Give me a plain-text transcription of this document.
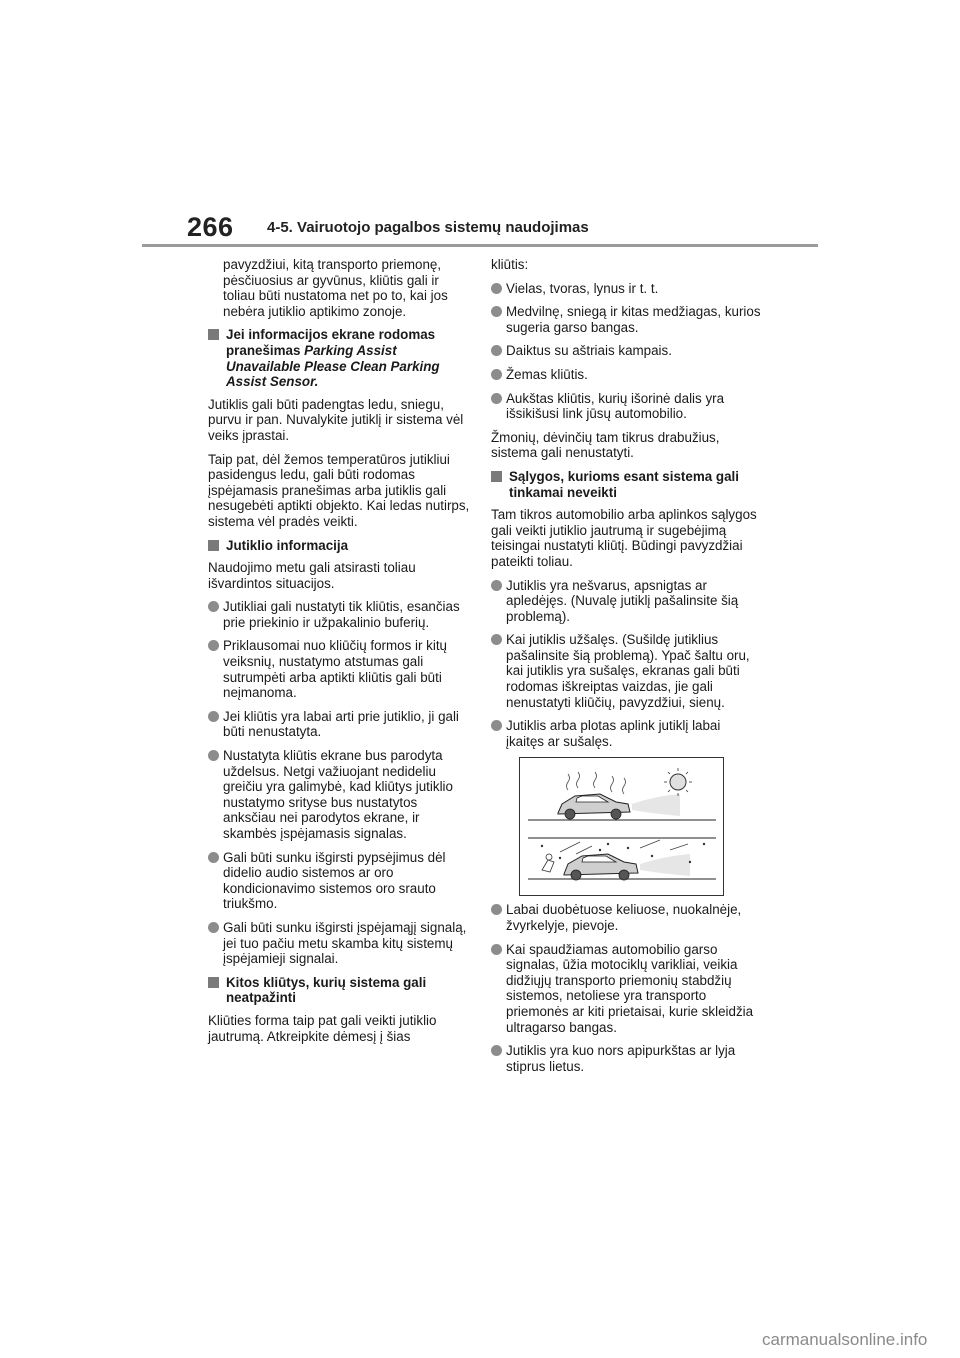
266 4-5. Vairuotojo pagalbos sistemų naudojimas

pavyzdžiui, kitą transporto priemonę, pėsčiuosius ar gyvūnus, kliūtis gali ir toliau būti nustatoma net po to, kai jos nebėra jutiklio aptikimo zonoje.

Jei informacijos ekrane rodomas pranešimas Parking Assist Unavailable Please Clean Parking Assist Sensor.

Jutiklis gali būti padengtas ledu, sniegu, purvu ir pan. Nuvalykite jutiklį ir sistema vėl veiks įprastai.

Taip pat, dėl žemos temperatūros jutikliui pasidengus ledu, gali būti rodomas įspėjamasis pranešimas arba jutiklis gali nesugebėti aptikti objekto. Kai ledas nutirps, sistema vėl pradės veikti.

Jutiklio informacija

Naudojimo metu gali atsirasti toliau išvardintos situacijos.

Jutikliai gali nustatyti tik kliūtis, esančias prie priekinio ir užpakalinio buferių.
Priklausomai nuo kliūčių formos ir kitų veiksnių, nustatymo atstumas gali sutrumpėti arba aptikti kliūtis gali būti neįmanoma.
Jei kliūtis yra labai arti prie jutiklio, ji gali būti nenustatyta.
Nustatyta kliūtis ekrane bus parodyta uždelsus. Netgi važiuojant nedideliu greičiu yra galimybė, kad kliūtys jutiklio nustatymo srityse bus nustatytos anksčiau nei parodytos ekrane, ir skambės įspėjamasis signalas.
Gali būti sunku išgirsti pypsėjimus dėl didelio audio sistemos ar oro kondicionavimo sistemos oro srauto triukšmo.
Gali būti sunku išgirsti įspėjamąjį signalą, jei tuo pačiu metu skamba kitų sistemų įspėjamieji signalai.
Kitos kliūtys, kurių sistema gali neatpažinti

Kliūties forma taip pat gali veikti jutiklio jautrumą. Atkreipkite dėmesį į šias

kliūtis:

Vielas, tvoras, lynus ir t. t.
Medvilnę, sniegą ir kitas medžiagas, kurios sugeria garso bangas.
Daiktus su aštriais kampais.
Žemas kliūtis.
Aukštas kliūtis, kurių išorinė dalis yra išsikišusi link jūsų automobilio.

Žmonių, dėvinčių tam tikrus drabužius, sistema gali nenustatyti.

Sąlygos, kurioms esant sistema gali tinkamai neveikti

Tam tikros automobilio arba aplinkos sąlygos gali veikti jutiklio jautrumą ir sugebėjimą teisingai nustatyti kliūtį. Būdingi pavyzdžiai pateikti toliau.

Jutiklis yra nešvarus, apsnigtas ar apledėjęs. (Nuvalę jutiklį pašalinsite šią problemą).
Kai jutiklis užšalęs. (Sušildę jutiklius pašalinsite šią problemą). Ypač šaltu oru, kai jutiklis yra sušalęs, ekranas gali būti rodomas iškreiptas vaizdas, jie gali nenustatyti kliūčių, pavyzdžiui, sienų.
Jutiklis arba plotas aplink jutiklį labai įkaitęs ar sušalęs.
Labai duobėtuose keliuose, nuokalnėje, žvyrkelyje, pievoje.
Kai spaudžiamas automobilio garso signalas, ūžia motociklų varikliai, veikia didžiųjų transporto priemonių stabdžių sistemos, netoliese yra transporto priemonės ar kiti prietaisai, kurie skleidžia ultragarso bangas.
Jutiklis yra kuo nors apipurkštas ar lyja stiprus lietus.
carmanualsonline.info
